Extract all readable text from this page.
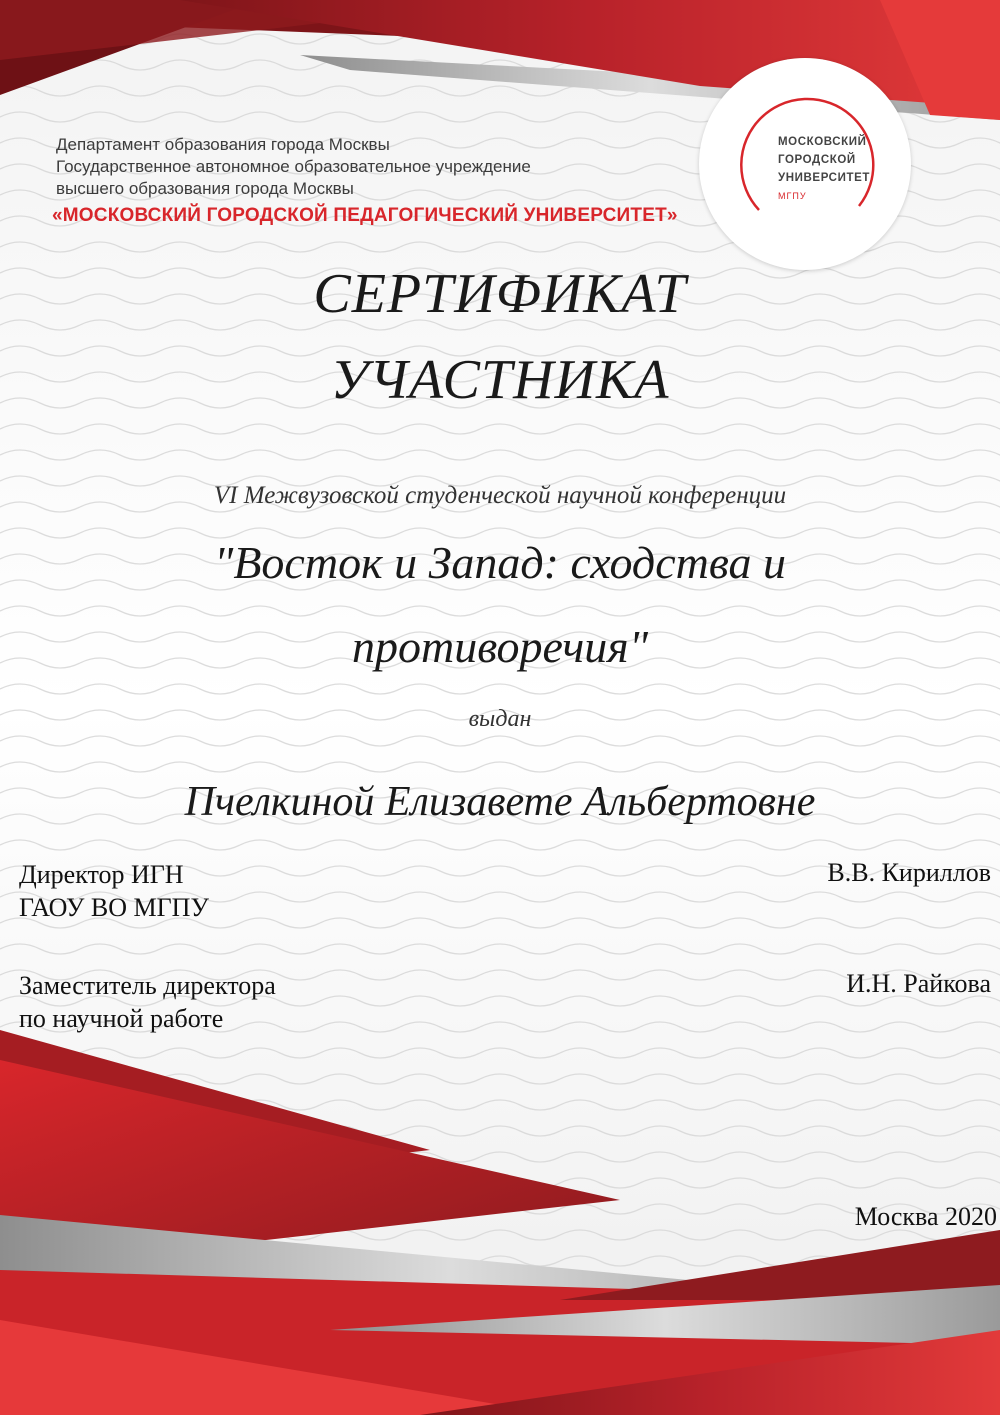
Департамент образования города Москвы
Государственное автономное образовательное учреждение
высшего образования города Москвы
«МОСКОВСКИЙ ГОРОДСКОЙ ПЕДАГОГИЧЕСКИЙ УНИВЕРСИТЕТ»
МОСКОВСКИЙ
ГОРОДСКОЙ
УНИВЕРСИТЕТ
МГПУ
СЕРТИФИКАТ
УЧАСТНИКА
VI Межвузовской студенческой научной конференции
"Восток и Запад: сходства и
противоречия"
выдан
Пчелкиной Елизавете Альбертовне
Директор ИГН
ГАОУ ВО МГПУ
В.В. Кириллов
Заместитель директора
по научной работе
И.Н. Райкова
Москва 2020
